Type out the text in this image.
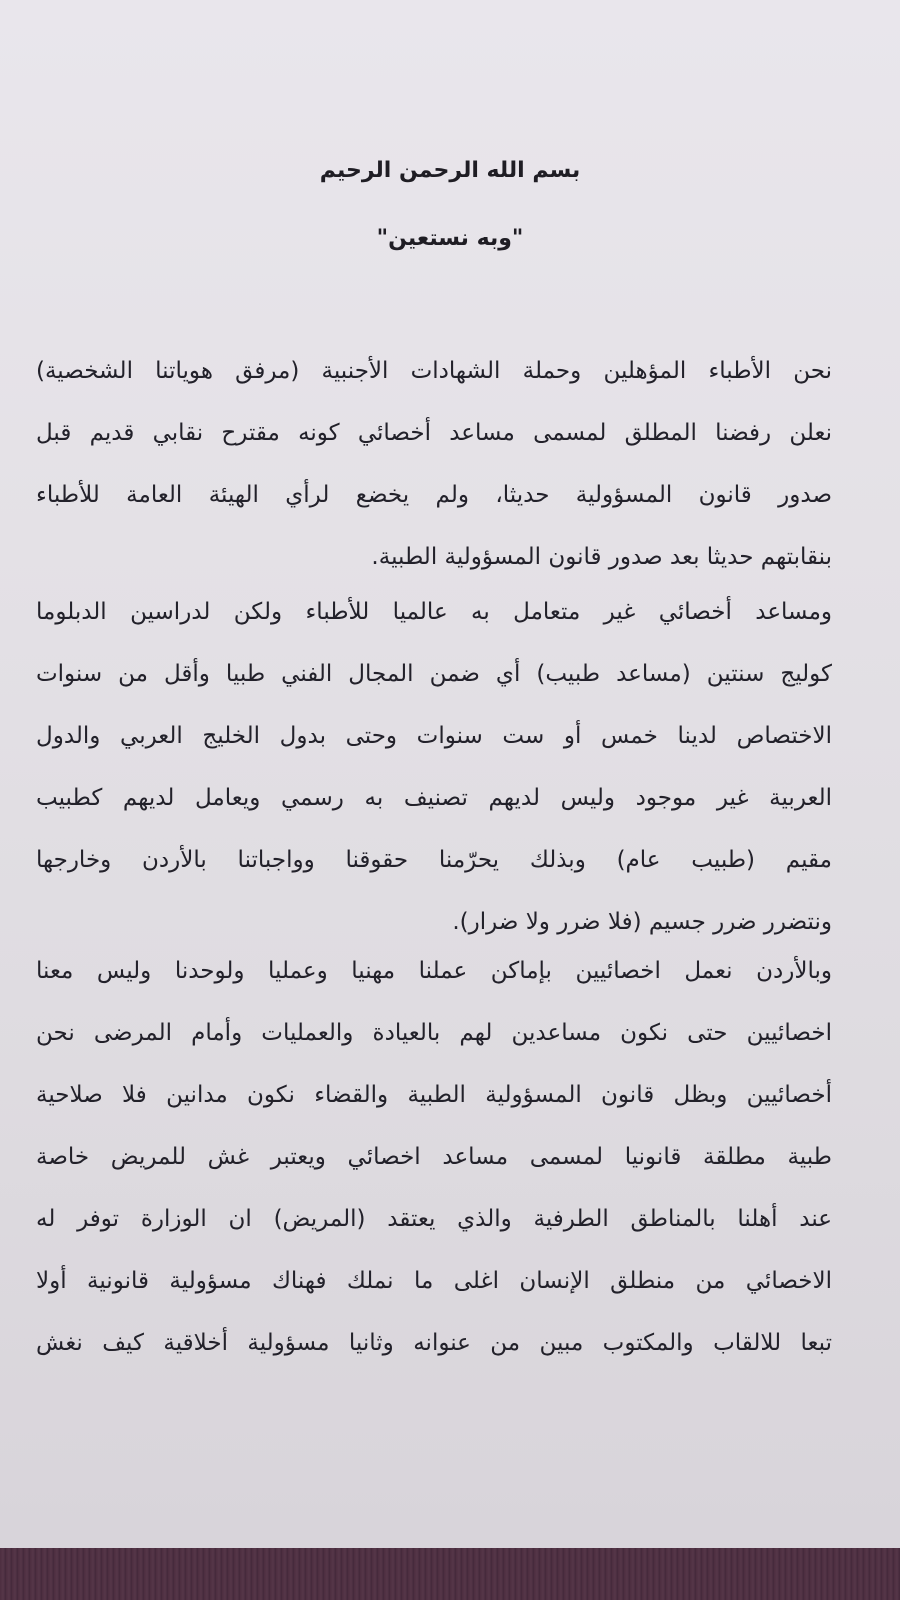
بسم الله الرحمن الرحيم
"وبه نستعين"
نحن الأطباء المؤهلين وحملة الشهادات الأجنبية (مرفق هوياتنا الشخصية)
نعلن رفضنا المطلق لمسمى مساعد أخصائي كونه مقترح نقابي قديم قبل
صدور قانون المسؤولية حديثا، ولم يخضع لرأي الهيئة العامة للأطباء
بنقابتهم حديثا بعد صدور قانون المسؤولية الطبية.
ومساعد أخصائي غير متعامل به عالميا للأطباء ولكن لدراسين الدبلوما
كوليج سنتين (مساعد طبيب) أي ضمن المجال الفني طبيا وأقل من سنوات
الاختصاص لدينا خمس أو ست سنوات وحتى بدول الخليج العربي والدول
العربية غير موجود وليس لديهم تصنيف به رسمي ويعامل لديهم كطبيب
مقيم (طبيب عام) وبذلك يحرّمنا حقوقنا وواجباتنا بالأردن وخارجها
ونتضرر ضرر جسيم (فلا ضرر ولا ضرار).
وبالأردن نعمل اخصائيين بإماكن عملنا مهنيا وعمليا ولوحدنا وليس معنا
اخصائيين حتى نكون مساعدين لهم بالعيادة والعمليات وأمام المرضى نحن
أخصائيين وبظل قانون المسؤولية الطبية والقضاء نكون مدانين فلا صلاحية
طبية مطلقة قانونيا لمسمى مساعد اخصائي ويعتبر غش للمريض خاصة
عند أهلنا بالمناطق الطرفية والذي يعتقد (المريض) ان الوزارة توفر له
الاخصائي من منطلق الإنسان اغلى ما نملك فهناك مسؤولية قانونية أولا
تبعا للالقاب والمكتوب مبين من عنوانه وثانيا مسؤولية أخلاقية كيف نغش
